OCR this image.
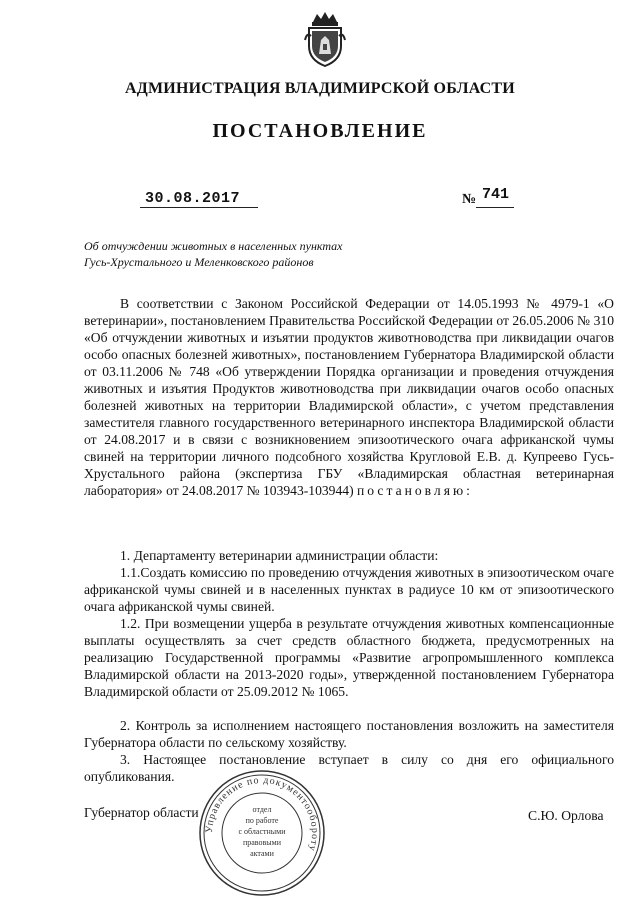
АДМИНИСТРАЦИЯ ВЛАДИМИРСКОЙ ОБЛАСТИ
ПОСТАНОВЛЕНИЕ
30.08.2017	№ 741
Об отчуждении животных в населенных пунктах
Гусь-Хрустального и Меленковского районов
В соответствии с Законом Российской Федерации от 14.05.1993 № 4979-1 «О ветеринарии», постановлением Правительства Российской Федерации от 26.05.2006 № 310 «Об отчуждении животных и изъятии продуктов животноводства при ликвидации очагов особо опасных болезней животных», постановлением Губернатора Владимирской области от 03.11.2006 № 748 «Об утверждении Порядка организации и проведения отчуждения животных и изъятия Продуктов животноводства при ликвидации очагов особо опасных болезней животных на территории Владимирской области», с учетом представления заместителя главного государственного ветеринарного инспектора Владимирской области от 24.08.2017 и в связи с возникновением эпизоотического очага африканской чумы свиней на территории личного подсобного хозяйства Кругловой Е.В. д. Купреево Гусь-Хрустального района (экспертиза ГБУ «Владимирская областная ветеринарная лаборатория» от 24.08.2017 № 103943-103944) постановляю:
1. Департаменту ветеринарии администрации области:
1.1.Создать комиссию по проведению отчуждения животных в эпизоотическом очаге африканской чумы свиней и в населенных пунктах в радиусе 10 км от эпизоотического очага африканской чумы свиней.
1.2. При возмещении ущерба в результате отчуждения животных компенсационные выплаты осуществлять за счет средств областного бюджета, предусмотренных на реализацию Государственной программы «Развитие агропромышленного комплекса Владимирской области на 2013-2020 годы», утвержденной постановлением Губернатора Владимирской области от 25.09.2012 № 1065.
2. Контроль за исполнением настоящего постановления возложить на заместителя Губернатора области по сельскому хозяйству.
3. Настоящее постановление вступает в силу со дня его официального опубликования.
Губернатор области	С.Ю. Орлова
Управление по документообороту
отдел
по работе
с областными
правовыми
актами
